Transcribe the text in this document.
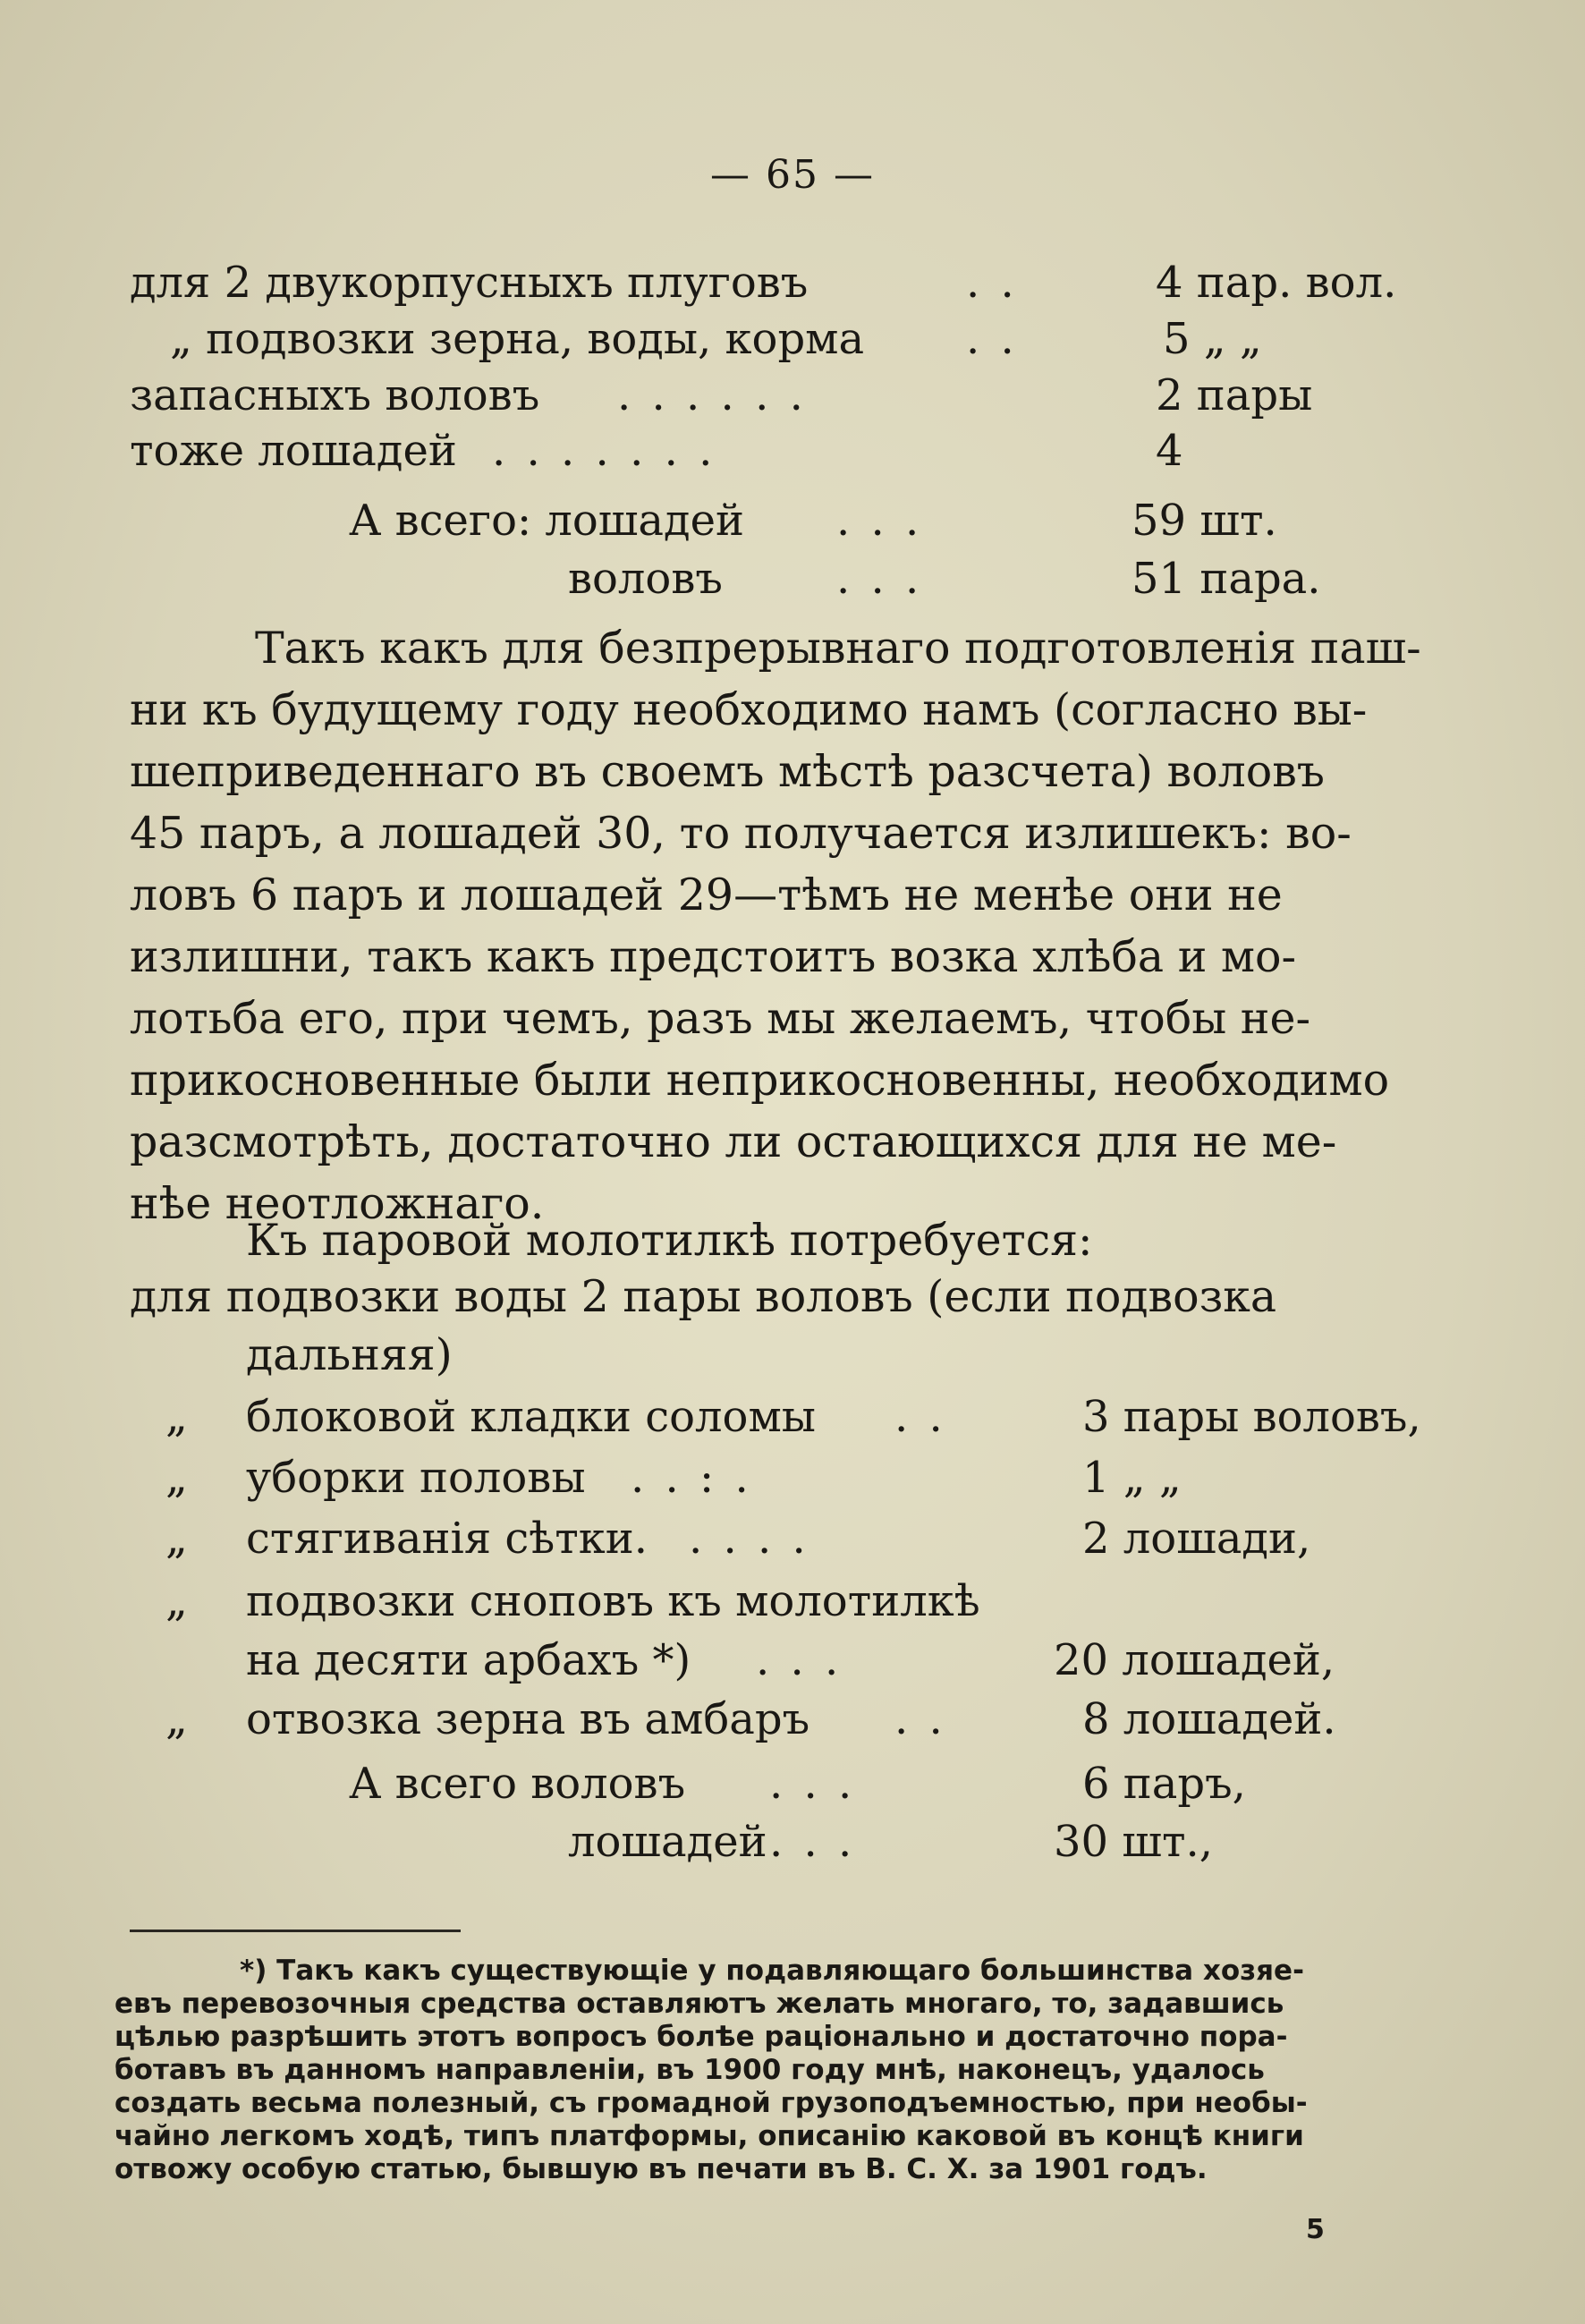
— 65 —
для 2 двукорпусныхъ плуговъ	. .	4 пар. вол.
„ подвозки зерна, воды, корма . .	5 „ „
запасныхъ воловъ . . . . . .	2 пары
тоже лошадей . . . . . . .	4
А всего: лошадей . . .	59 шт.
воловъ	. . .	51 пара.
Такъ какъ для безпрерывнаго подготовленія паш-
ни къ будущему году необходимо намъ (согласно вы-
шеприведеннаго въ своемъ мѣстѣ разсчета) воловъ
45 паръ, а лошадей 30, то получается излишекъ: во-
ловъ 6 паръ и лошадей 29—тѣмъ не менѣе они не
излишни, такъ какъ предстоитъ возка хлѣба и мо-
лотьба его, при чемъ, разъ мы желаемъ, чтобы не-
прикосновенные были неприкосновенны, необходимо
разсмотрѣть, достаточно ли остающихся для не ме-
нѣе неотложнаго.
Къ паровой молотилкѣ потребуется:
для подвозки воды 2 пары воловъ (если подвозка
дальняя)
„ блоковой кладки соломы . .	3 пары воловъ,
„ уборки половы . . : .	1 „ „
„ стягиванія сѣтки. . . . .	2 лошади,
„ подвозки сноповъ къ молотилкѣ
на десяти арбахъ *) . . .	20 лошадей,
„ отвозка зерна въ амбаръ . .	8 лошадей.
А всего воловъ . . .	6 паръ,
лошадей . . .	30 шт.,
*) Такъ какъ существующіе у подавляющаго большинства хозяе-
евъ перевозочныя средства оставляютъ желать многаго, то, задавшись
цѣлью разрѣшить этотъ вопросъ болѣе раціонально и достаточно пора-
ботавъ въ данномъ направленіи, въ 1900 году мнѣ, наконецъ, удалось
создать весьма полезный, съ громадной грузоподъемностью, при необы-
чайно легкомъ ходѣ, типъ платформы, описанію каковой въ концѣ книги
отвожу особую статью, бывшую въ печати въ В. С. Х. за 1901 годъ.
5
